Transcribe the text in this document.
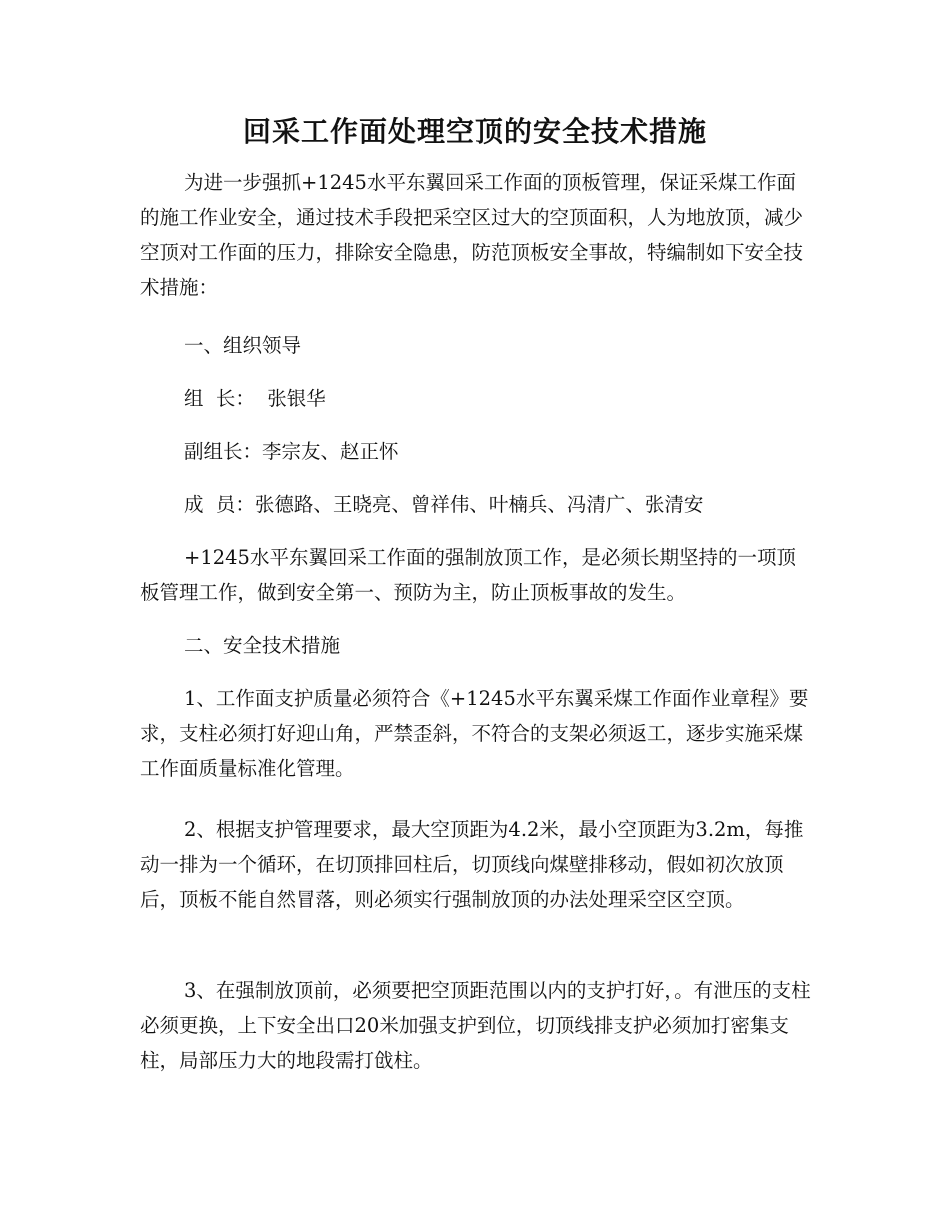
回采工作面处理空顶的安全技术措施

为进一步强抓+1245水平东翼回采工作面的顶板管理，保证采煤工作面的施工作业安全，通过技术手段把采空区过大的空顶面积，人为地放顶，减少空顶对工作面的压力，排除安全隐患，防范顶板安全事故，特编制如下安全技术措施：

一、组织领导
组  长：  张银华
副组长：李宗友、赵正怀
成  员：张德路、王晓亮、曾祥伟、叶楠兵、冯清广、张清安

+1245水平东翼回采工作面的强制放顶工作，是必须长期坚持的一项顶板管理工作，做到安全第一、预防为主，防止顶板事故的发生。

二、安全技术措施

1、工作面支护质量必须符合《+1245水平东翼采煤工作面作业章程》要求，支柱必须打好迎山角，严禁歪斜，不符合的支架必须返工，逐步实施采煤工作面质量标准化管理。

2、根据支护管理要求，最大空顶距为4.2米，最小空顶距为3.2m，每推动一排为一个循环，在切顶排回柱后，切顶线向煤壁排移动，假如初次放顶后，顶板不能自然冒落，则必须实行强制放顶的办法处理采空区空顶。

3、在强制放顶前，必须要把空顶距范围以内的支护打好，。有泄压的支柱必须更换，上下安全出口20米加强支护到位，切顶线排支护必须加打密集支柱，局部压力大的地段需打戗柱。
